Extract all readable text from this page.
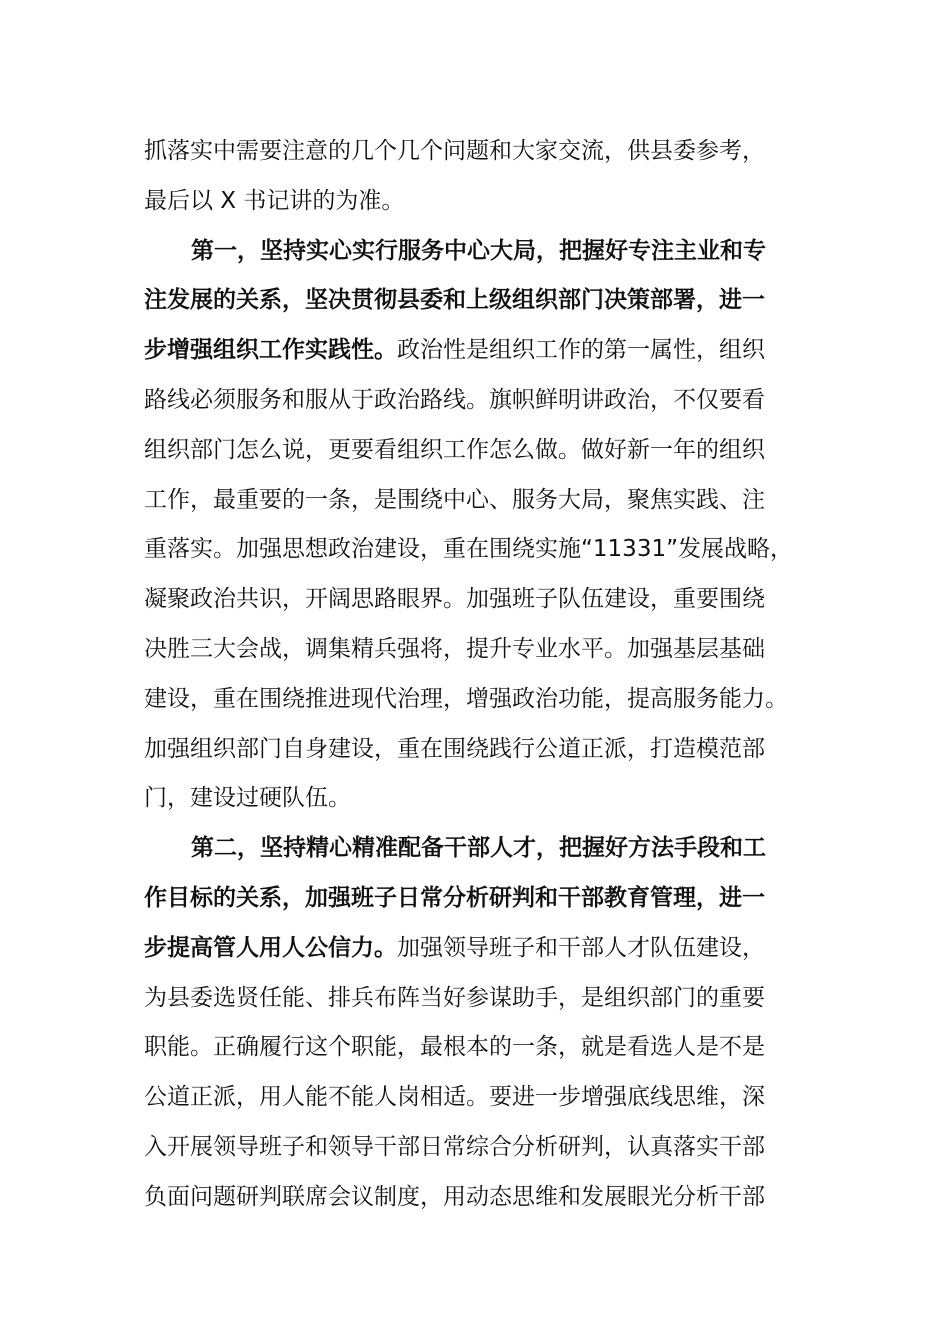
抓落实中需要注意的几个几个问题和大家交流，供县委参考，
最后以 X 书记讲的为准。
第一，坚持实心实行服务中心大局，把握好专注主业和专
注发展的关系，坚决贯彻县委和上级组织部门决策部署，进一
步增强组织工作实践性。政治性是组织工作的第一属性，组织
路线必须服务和服从于政治路线。旗帜鲜明讲政治，不仅要看
组织部门怎么说，更要看组织工作怎么做。做好新一年的组织
工作，最重要的一条，是围绕中心、服务大局，聚焦实践、注
重落实。加强思想政治建设，重在围绕实施“11331”发展战略，
凝聚政治共识，开阔思路眼界。加强班子队伍建设，重要围绕
决胜三大会战，调集精兵强将，提升专业水平。加强基层基础
建设，重在围绕推进现代治理，增强政治功能，提高服务能力。
加强组织部门自身建设，重在围绕践行公道正派，打造模范部
门，建设过硬队伍。
第二，坚持精心精准配备干部人才，把握好方法手段和工
作目标的关系，加强班子日常分析研判和干部教育管理，进一
步提高管人用人公信力。加强领导班子和干部人才队伍建设，
为县委选贤任能、排兵布阵当好参谋助手，是组织部门的重要
职能。正确履行这个职能，最根本的一条，就是看选人是不是
公道正派，用人能不能人岗相适。要进一步增强底线思维，深
入开展领导班子和领导干部日常综合分析研判，认真落实干部
负面问题研判联席会议制度，用动态思维和发展眼光分析干部
